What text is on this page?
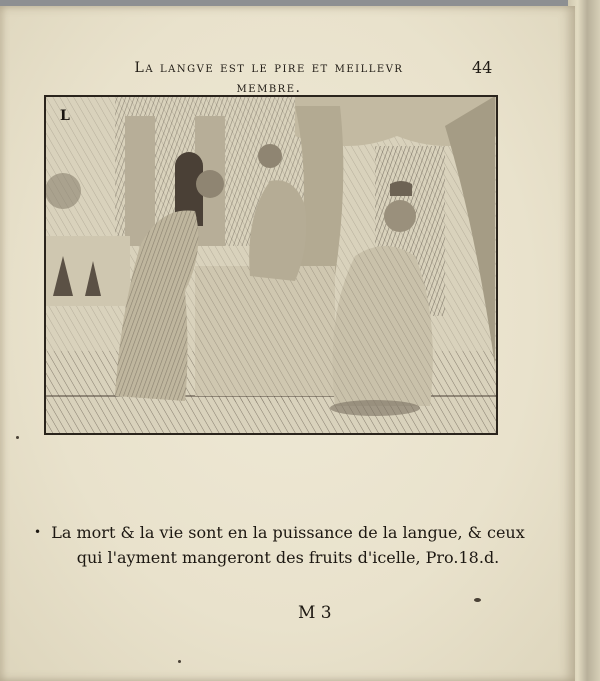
La langve est le pire et meillevr
membre.
44
L
• La mort & la vie sont en la puissance de la langue, & ceux
qui l'ayment mangeront des fruits d'icelle, Pro.18.d.
M 3
